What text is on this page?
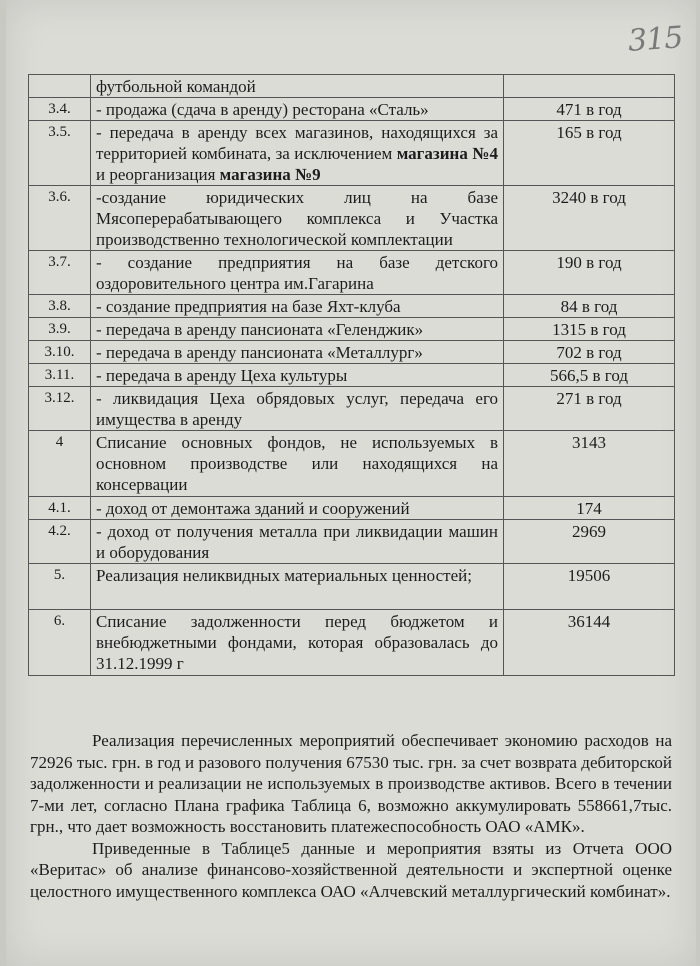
315
	футбольной командой	
3.4.	- продажа (сдача в аренду) ресторана «Сталь»	471 в год
3.5.	- передача в аренду всех магазинов, находящихся за территорией комбината, за исключением магазина №4 и реорганизация магазина №9	165 в год
3.6.	-создание юридических лиц на базе Мясоперерабатывающего комплекса и Участка производственно технологической комплектации	3240 в год
3.7.	- создание предприятия на базе детского оздоровительного центра им.Гагарина	190 в год
3.8.	- создание предприятия на базе Яхт-клуба	84 в год
3.9.	- передача в аренду пансионата «Геленджик»	1315 в год
3.10.	- передача в аренду пансионата «Металлург»	702 в год
3.11.	- передача в аренду Цеха культуры	566,5 в год
3.12.	- ликвидация Цеха обрядовых услуг, передача его имущества в аренду	271 в год
4	Списание основных фондов, не используемых в основном производстве или находящихся на консервации	3143
4.1.	- доход от демонтажа зданий и сооружений	174
4.2.	- доход от получения металла при ликвидации машин и оборудования	2969
5.	Реализация неликвидных материальных ценностей;	19506
6.	Списание задолженности перед бюджетом и внебюджетными фондами, которая образовалась до 31.12.1999 г	36144

Реализация перечисленных мероприятий обеспечивает экономию расходов на 72926 тыс. грн. в год и разового получения 67530 тыс. грн. за счет возврата дебиторской задолженности и реализации не используемых в производстве активов. Всего в течении 7-ми лет, согласно Плана графика Таблица 6, возможно аккумулировать 558661,7тыс. грн., что дает возможность восстановить платежеспособность ОАО «АМК».

Приведенные в Таблице5 данные и мероприятия взяты из Отчета ООО «Веритас» об анализе финансово-хозяйственной деятельности и экспертной оценке целостного имущественного комплекса ОАО «Алчевский металлургический комбинат».
